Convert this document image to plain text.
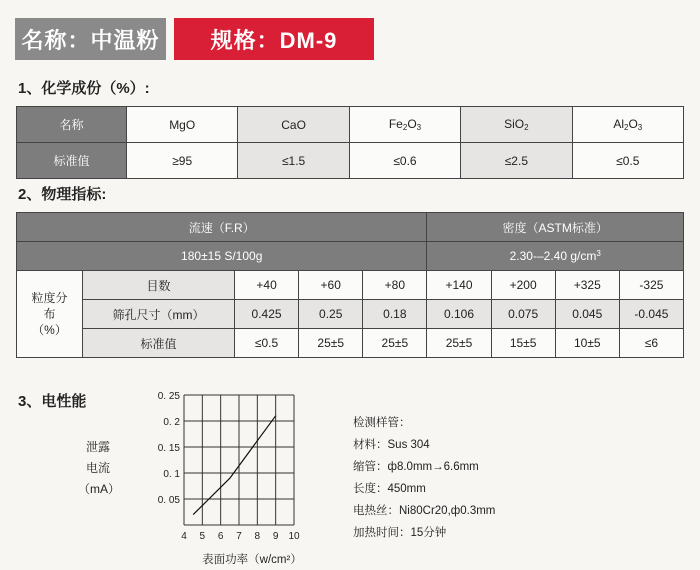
名称：中温粉	规格：DM-9
1、化学成份（%）:
名称	MgO	CaO	$Fe_2O_3$	SiO$_2$	$Al_2O_3$
标准值	≥95	≤1.5	≤0.6	≤2.5	≤0.5
2、物理指标:
流速（F.R）					密度（ASTM标准）			
180±15 S/100g					2.30-–2.40 $g/cm^3$
粒度分布（%）	目数	+40	+60	+80	+140	+200	+325	-325
	筛孔尺寸（mm）	0.425	0.25	0.18	0.106	0.075	0.045	-0.045
	标准值	≤0.5	25±5	25±5	25±5	15±5	10±5	≤6
3、电性能
泄露
电流
（mA）
4 5 6 7 8 9 10
0. 05
0. 1
0. 15
0. 2
0. 25
表面功率（w/cm²）
检测样管：
材料：Sus 304
缩管：ф8.0mm→6.6mm
长度：450mm
电热丝：Ni80Cr20,ф0.3mm
加热时间：15分钟
